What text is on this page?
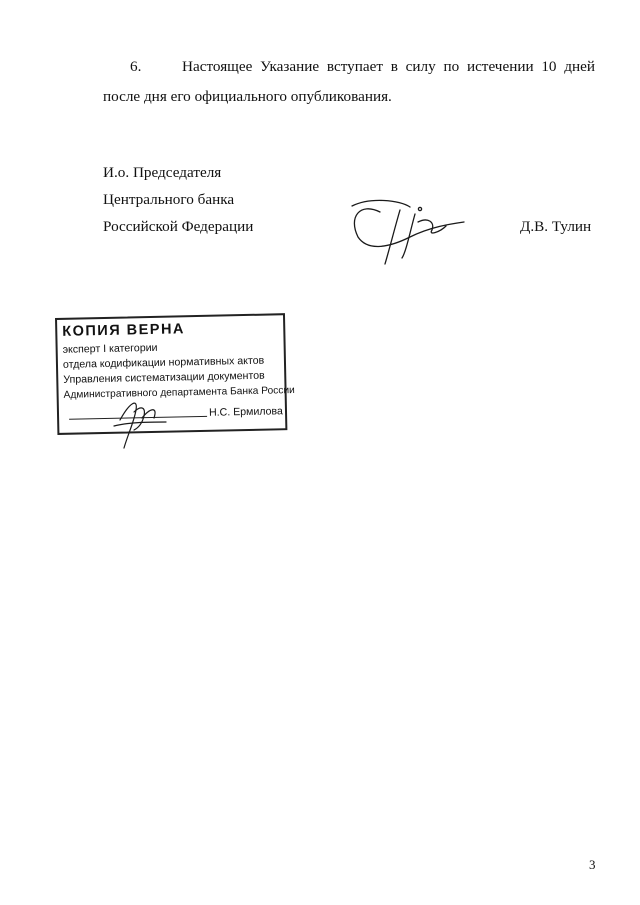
6.	Настоящее Указание вступает в силу по истечении 10 дней
после дня его официального опубликования.
И.о. Председателя
Центрального банка
Российской Федерации	Д.В. Тулин
КОПИЯ ВЕРНА
эксперт I категории
отдела кодификации нормативных актов
Управления систематизации документов
Административного департамента Банка России
Н.С. Ермилова
3
